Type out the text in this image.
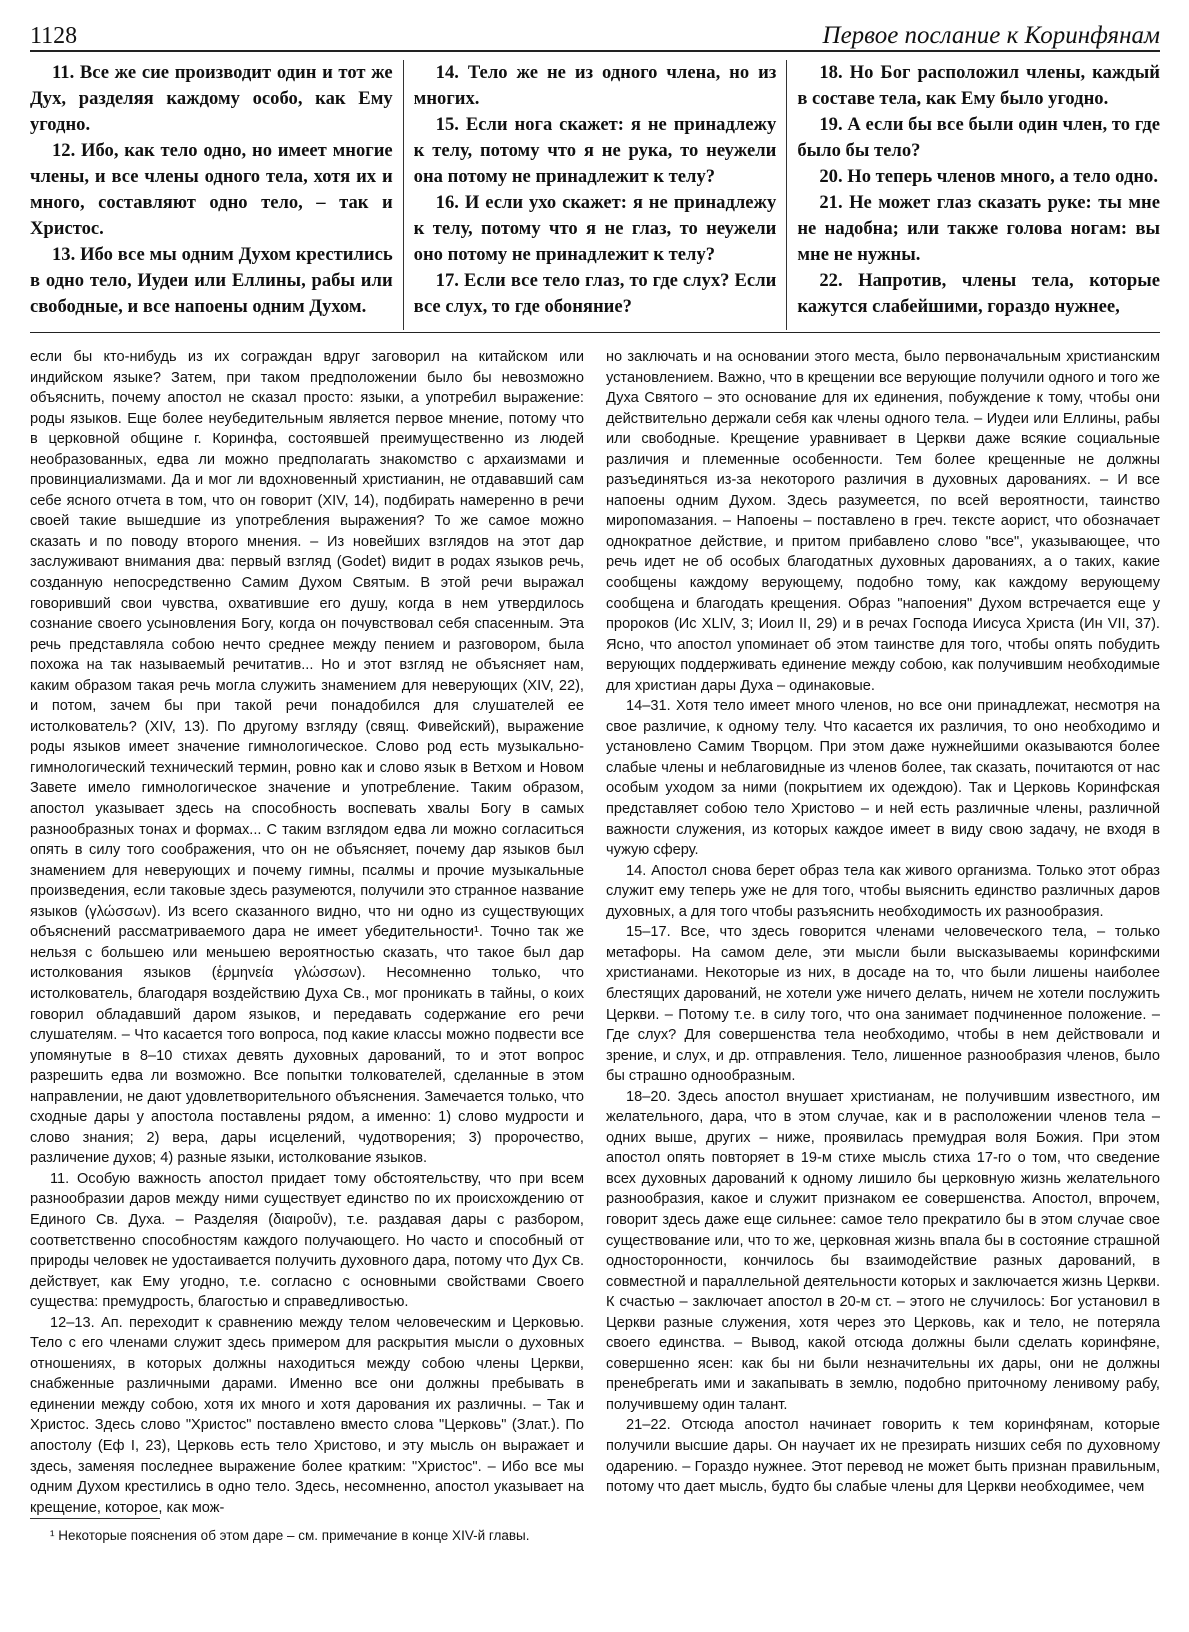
1128	Первое послание к Коринфянам

11. Все же сие производит один и тот же Дух, разделяя каждому особо, как Ему угодно.

12. Ибо, как тело одно, но имеет многие члены, и все члены одного тела, хотя их и много, составляют одно тело, – так и Христос.

13. Ибо все мы одним Духом крестились в одно тело, Иудеи или Еллины, рабы или свободные, и все напоены одним Духом.

14. Тело же не из одного члена, но из многих.

15. Если нога скажет: я не принадлежу к телу, потому что я не рука, то неужели она потому не принадлежит к телу?

16. И если ухо скажет: я не принадлежу к телу, потому что я не глаз, то неужели оно потому не принадлежит к телу?

17. Если все тело глаз, то где слух? Если все слух, то где обоняние?

18. Но Бог расположил члены, каждый в составе тела, как Ему было угодно.

19. А если бы все были один член, то где было бы тело?

20. Но теперь членов много, а тело одно.

21. Не может глаз сказать руке: ты мне не надобна; или также голова ногам: вы мне не нужны.

22. Напротив, члены тела, которые кажутся слабейшими, гораздо нужнее,

если бы кто-нибудь из их сограждан вдруг заговорил на китайском или индийском языке? Затем, при таком предположении было бы невозможно объяснить, почему апостол не сказал просто: языки, а употребил выражение: роды языков. Еще более неубедительным является первое мнение, потому что в церковной общине г. Коринфа, состоявшей преимущественно из людей необразованных, едва ли можно предполагать знакомство с архаизмами и провинциализмами. Да и мог ли вдохновенный христианин, не отдававший сам себе ясного отчета в том, что он говорит (XIV, 14), подбирать намеренно в речи своей такие вышедшие из употребления выражения? То же самое можно сказать и по поводу второго мнения. – Из новейших взглядов на этот дар заслуживают внимания два: первый взгляд (Godet) видит в родах языков речь, созданную непосредственно Самим Духом Святым. В этой речи выражал говоривший свои чувства, охватившие его душу, когда в нем утвердилось сознание своего усыновления Богу, когда он почувствовал себя спасенным. Эта речь представляла собою нечто среднее между пением и разговором, была похожа на так называемый речитатив... Но и этот взгляд не объясняет нам, каким образом такая речь могла служить знамением для неверующих (XIV, 22), и потом, зачем бы при такой речи понадобился для слушателей ее истолкователь? (XIV, 13). По другому взгляду (свящ. Фивейский), выражение роды языков имеет значение гимнологическое. Слово род есть музыкально-гимнологический технический термин, ровно как и слово язык в Ветхом и Новом Завете имело гимнологическое значение и употребление. Таким образом, апостол указывает здесь на способность воспевать хвалы Богу в самых разнообразных тонах и формах... С таким взглядом едва ли можно согласиться опять в силу того соображения, что он не объясняет, почему дар языков был знамением для неверующих и почему гимны, псалмы и прочие музыкальные произведения, если таковые здесь разумеются, получили это странное название языков (γλώσσων). Из всего сказанного видно, что ни одно из существующих объяснений рассматриваемого дара не имеет убедительности¹. Точно так же нельзя с большею или меньшею вероятностью сказать, что такое был дар истолкования языков (ἑρμηνεία γλώσσων). Несомненно только, что истолкователь, благодаря воздействию Духа Св., мог проникать в тайны, о коих говорил обладавший даром языков, и передавать содержание его речи слушателям. – Что касается того вопроса, под какие классы можно подвести все упомянутые в 8–10 стихах девять духовных дарований, то и этот вопрос разрешить едва ли возможно. Все попытки толкователей, сделанные в этом направлении, не дают удовлетворительного объяснения. Замечается только, что сходные дары у апостола поставлены рядом, а именно: 1) слово мудрости и слово знания; 2) вера, дары исцелений, чудотворения; 3) пророчество, различение духов; 4) разные языки, истолкование языков.

11. Особую важность апостол придает тому обстоятельству, что при всем разнообразии даров между ними существует единство по их происхождению от Единого Св. Духа. – Разделяя (διαιροῦν), т.е. раздавая дары с разбором, соответственно способностям каждого получающего. Но часто и способный от природы человек не удостаивается получить духовного дара, потому что Дух Св. действует, как Ему угодно, т.е. согласно с основными свойствами Своего существа: премудрость, благостью и справедливостью.

12–13. Ап. переходит к сравнению между телом человеческим и Церковью. Тело с его членами служит здесь примером для раскрытия мысли о духовных отношениях, в которых должны находиться между собою члены Церкви, снабженные различными дарами. Именно все они должны пребывать в единении между собою, хотя их много и хотя дарования их различны. – Так и Христос. Здесь слово "Христос" поставлено вместо слова "Церковь" (Злат.). По апостолу (Еф I, 23), Церковь есть тело Христово, и эту мысль он выражает и здесь, заменяя последнее выражение более кратким: "Христос". – Ибо все мы одним Духом крестились в одно тело. Здесь, несомненно, апостол указывает на крещение, которое, как мож-

но заключать и на основании этого места, было первоначальным христианским установлением. Важно, что в крещении все верующие получили одного и того же Духа Святого – это основание для их единения, побуждение к тому, чтобы они действительно держали себя как члены одного тела. – Иудеи или Еллины, рабы или свободные. Крещение уравнивает в Церкви даже всякие социальные различия и племенные особенности. Тем более крещенные не должны разъединяться из-за некоторого различия в духовных дарованиях. – И все напоены одним Духом. Здесь разумеется, по всей вероятности, таинство миропомазания. – Напоены – поставлено в греч. тексте аорист, что обозначает однократное действие, и притом прибавлено слово "все", указывающее, что речь идет не об особых благодатных духовных дарованиях, а о таких, какие сообщены каждому верующему, подобно тому, как каждому верующему сообщена и благодать крещения. Образ "напоения" Духом встречается еще у пророков (Ис XLIV, 3; Иоил II, 29) и в речах Господа Иисуса Христа (Ин VII, 37). Ясно, что апостол упоминает об этом таинстве для того, чтобы опять побудить верующих поддерживать единение между собою, как получившим необходимые для христиан дары Духа – одинаковые.

14–31. Хотя тело имеет много членов, но все они принадлежат, несмотря на свое различие, к одному телу. Что касается их различия, то оно необходимо и установлено Самим Творцом. При этом даже нужнейшими оказываются более слабые члены и неблаговидные из членов более, так сказать, почитаются от нас особым уходом за ними (покрытием их одеждою). Так и Церковь Коринфская представляет собою тело Христово – и ней есть различные члены, различной важности служения, из которых каждое имеет в виду свою задачу, не входя в чужую сферу.

14. Апостол снова берет образ тела как живого организма. Только этот образ служит ему теперь уже не для того, чтобы выяснить единство различных даров духовных, а для того чтобы разъяснить необходимость их разнообразия.

15–17. Все, что здесь говорится членами человеческого тела, – только метафоры. На самом деле, эти мысли были высказываемы коринфскими христианами. Некоторые из них, в досаде на то, что были лишены наиболее блестящих дарований, не хотели уже ничего делать, ничем не хотели послужить Церкви. – Потому т.е. в силу того, что она занимает подчиненное положение. – Где слух? Для совершенства тела необходимо, чтобы в нем действовали и зрение, и слух, и др. отправления. Тело, лишенное разнообразия членов, было бы страшно однообразным.

18–20. Здесь апостол внушает христианам, не получившим известного, им желательного, дара, что в этом случае, как и в расположении членов тела – одних выше, других – ниже, проявилась премудрая воля Божия. При этом апостол опять повторяет в 19-м стихе мысль стиха 17-го о том, что сведение всех духовных дарований к одному лишило бы церковную жизнь желательного разнообразия, какое и служит признаком ее совершенства. Апостол, впрочем, говорит здесь даже еще сильнее: самое тело прекратило бы в этом случае свое существование или, что то же, церковная жизнь впала бы в состояние страшной односторонности, кончилось бы взаимодействие разных дарований, в совместной и параллельной деятельности которых и заключается жизнь Церкви. К счастью – заключает апостол в 20-м ст. – этого не случилось: Бог установил в Церкви разные служения, хотя через это Церковь, как и тело, не потеряла своего единства. – Вывод, какой отсюда должны были сделать коринфяне, совершенно ясен: как бы ни были незначительны их дары, они не должны пренебрегать ими и закапывать в землю, подобно приточному ленивому рабу, получившему один талант.

21–22. Отсюда апостол начинает говорить к тем коринфянам, которые получили высшие дары. Он научает их не презирать низших себя по духовному одарению. – Гораздо нужнее. Этот перевод не может быть признан правильным, потому что дает мысль, будто бы слабые члены для Церкви необходимее, чем

¹ Некоторые пояснения об этом даре – см. примечание в конце XIV-й главы.
